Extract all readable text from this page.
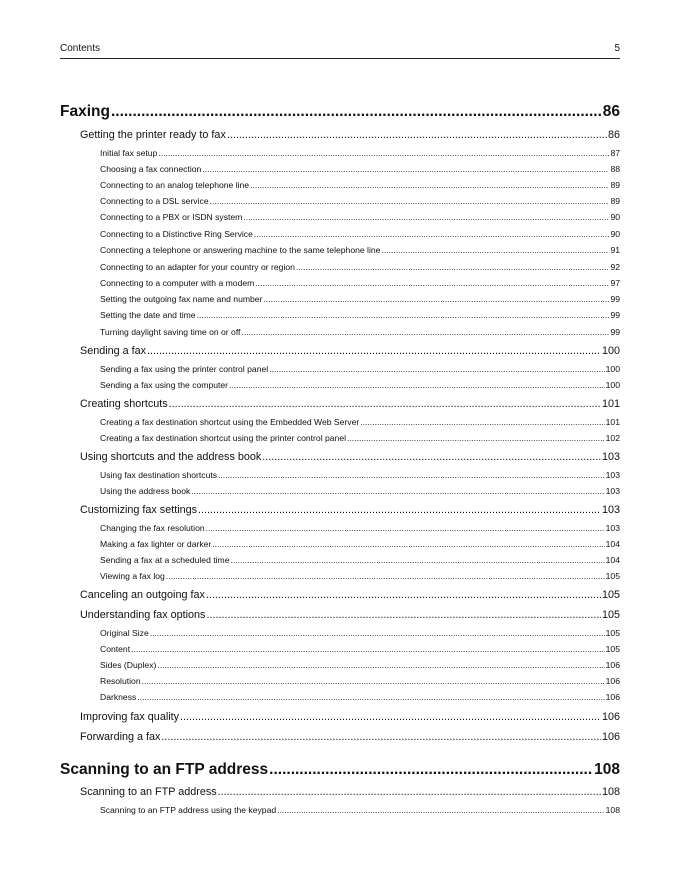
Contents	5
Faxing .....	86
Getting the printer ready to fax .....	86
Initial fax setup .....	87
Choosing a fax connection .....	88
Connecting to an analog telephone line .....	89
Connecting to a DSL service .....	89
Connecting to a PBX or ISDN system .....	90
Connecting to a Distinctive Ring Service .....	90
Connecting a telephone or answering machine to the same telephone line .....	91
Connecting to an adapter for your country or region .....	92
Connecting to a computer with a modem .....	97
Setting the outgoing fax name and number .....	99
Setting the date and time .....	99
Turning daylight saving time on or off .....	99
Sending a fax .....	100
Sending a fax using the printer control panel .....	100
Sending a fax using the computer .....	100
Creating shortcuts .....	101
Creating a fax destination shortcut using the Embedded Web Server .....	101
Creating a fax destination shortcut using the printer control panel .....	102
Using shortcuts and the address book .....	103
Using fax destination shortcuts .....	103
Using the address book .....	103
Customizing fax settings .....	103
Changing the fax resolution .....	103
Making a fax lighter or darker .....	104
Sending a fax at a scheduled time .....	104
Viewing a fax log .....	105
Canceling an outgoing fax .....	105
Understanding fax options .....	105
Original Size .....	105
Content .....	105
Sides (Duplex) .....	106
Resolution .....	106
Darkness .....	106
Improving fax quality .....	106
Forwarding a fax .....	106
Scanning to an FTP address .....	108
Scanning to an FTP address .....	108
Scanning to an FTP address using the keypad .....	108
